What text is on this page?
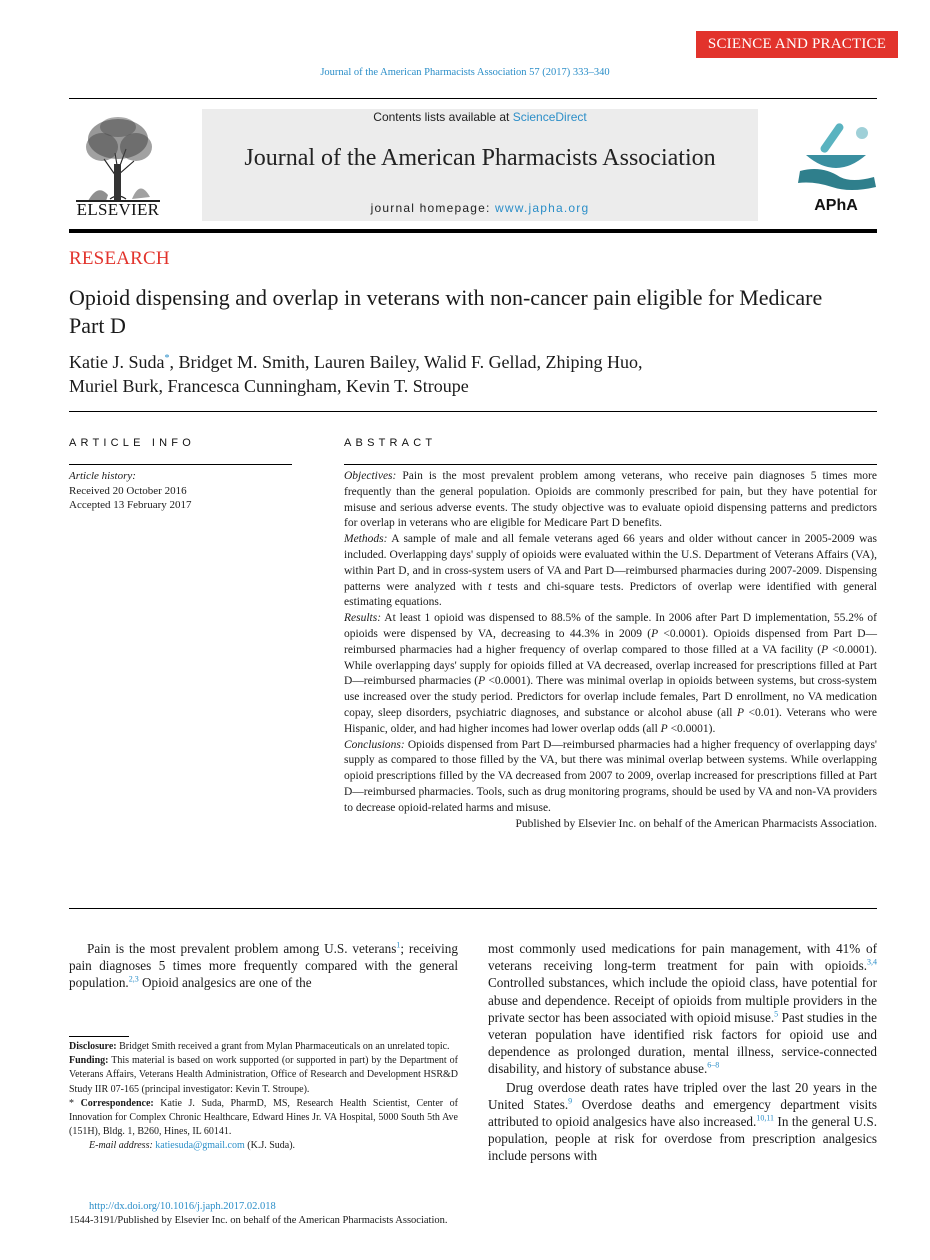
SCIENCE AND PRACTICE
Journal of the American Pharmacists Association 57 (2017) 333–340
ELSEVIER
Contents lists available at ScienceDirect
Journal of the American Pharmacists Association
journal homepage: www.japha.org	APhA
RESEARCH
Opioid dispensing and overlap in veterans with non-cancer pain eligible for Medicare Part D
Katie J. Suda*, Bridget M. Smith, Lauren Bailey, Walid F. Gellad, Zhiping Huo,
Muriel Burk, Francesca Cunningham, Kevin T. Stroupe
ARTICLE INFO
Article history:
Received 20 October 2016
Accepted 13 February 2017
ABSTRACT

Objectives: Pain is the most prevalent problem among veterans, who receive pain diagnoses 5 times more frequently than the general population. Opioids are commonly prescribed for pain, but they have potential for misuse and serious adverse events. The study objective was to evaluate opioid dispensing patterns and predictors for overlap in veterans who are eligible for Medicare Part D benefits.

Methods: A sample of male and all female veterans aged 66 years and older without cancer in 2005-2009 was included. Overlapping days' supply of opioids were evaluated within the U.S. Department of Veterans Affairs (VA), within Part D, and in cross-system users of VA and Part D—reimbursed pharmacies during 2007-2009. Dispensing patterns were analyzed with t tests and chi-square tests. Predictors of overlap were identified with general estimating equations.

Results: At least 1 opioid was dispensed to 88.5% of the sample. In 2006 after Part D implementation, 55.2% of opioids were dispensed by VA, decreasing to 44.3% in 2009 (P <0.0001). Opioids dispensed from Part D—reimbursed pharmacies had a higher frequency of overlap compared to those filled at a VA facility (P <0.0001). While overlapping days' supply for opioids filled at VA decreased, overlap increased for prescriptions filled at Part D—reimbursed pharmacies (P <0.0001). There was minimal overlap in opioids between systems, but cross-system use increased over the study period. Predictors for overlap include females, Part D enrollment, no VA medication copay, sleep disorders, psychiatric diagnoses, and substance or alcohol abuse (all P <0.01). Veterans who were Hispanic, older, and had higher incomes had lower overlap odds (all P <0.0001).

Conclusions: Opioids dispensed from Part D—reimbursed pharmacies had a higher frequency of overlapping days' supply as compared to those filled by the VA, but there was minimal overlap between systems. While overlapping opioid prescriptions filled by the VA decreased from 2007 to 2009, overlap increased for prescriptions filled at Part D—reimbursed pharmacies. Tools, such as drug monitoring programs, should be used by VA and non-VA providers to decrease opioid-related harms and misuse.

Published by Elsevier Inc. on behalf of the American Pharmacists Association.

Pain is the most prevalent problem among U.S. veterans$^1$; receiving pain diagnoses 5 times more frequently compared with the general population.$^{2,3}$ Opioid analgesics are one of the

Disclosure: Bridget Smith received a grant from Mylan Pharmaceuticals on an unrelated topic.

Funding: This material is based on work supported (or supported in part) by the Department of Veterans Affairs, Veterans Health Administration, Office of Research and Development HSR&D Study IIR 07-165 (principal investigator: Kevin T. Stroupe).

* Correspondence: Katie J. Suda, PharmD, MS, Research Health Scientist, Center of Innovation for Complex Chronic Healthcare, Edward Hines Jr. VA Hospital, 5000 South 5th Ave (151H), Bldg. 1, B260, Hines, IL 60141.

E-mail address: katiesuda@gmail.com (K.J. Suda).

http://dx.doi.org/10.1016/j.japh.2017.02.018
1544-3191/Published by Elsevier Inc. on behalf of the American Pharmacists Association.

most commonly used medications for pain management, with 41% of veterans receiving long-term treatment for pain with opioids.$^{3,4}$ Controlled substances, which include the opioid class, have potential for abuse and dependence. Receipt of opioids from multiple providers in the private sector has been associated with opioid misuse.$^5$ Past studies in the veteran population have identified risk factors for opioid use and dependence as prolonged duration, mental illness, service-connected disability, and history of substance abuse.$^{6-8}$

Drug overdose death rates have tripled over the last 20 years in the United States.$^9$ Overdose deaths and emergency department visits attributed to opioid analgesics have also increased.$^{10,11}$ In the general U.S. population, people at risk for overdose from prescription analgesics include persons with
